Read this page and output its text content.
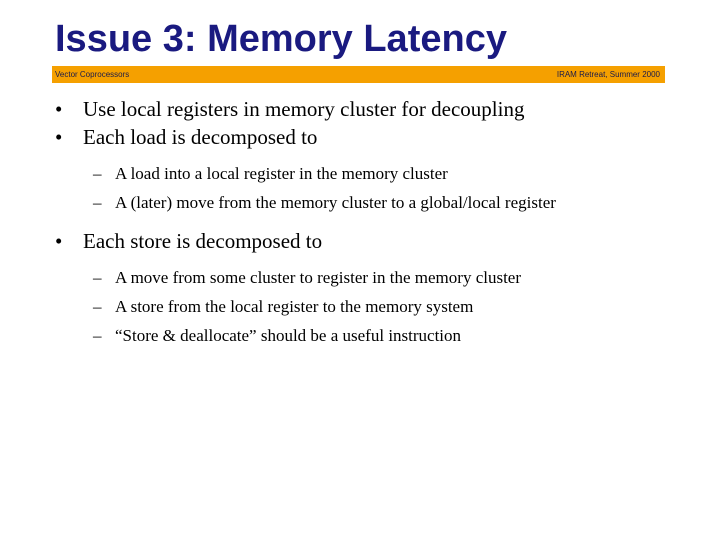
Issue 3: Memory Latency
Vector Coprocessors	IRAM Retreat, Summer 2000
• Use local registers in memory cluster for decoupling
• Each load is decomposed to
– A load into a local register in the memory cluster
– A (later) move from the memory cluster to a global/local register
• Each store is decomposed to
– A move from some cluster to register in the memory cluster
– A store from the local register to the memory system
– “Store & deallocate” should be a useful instruction
